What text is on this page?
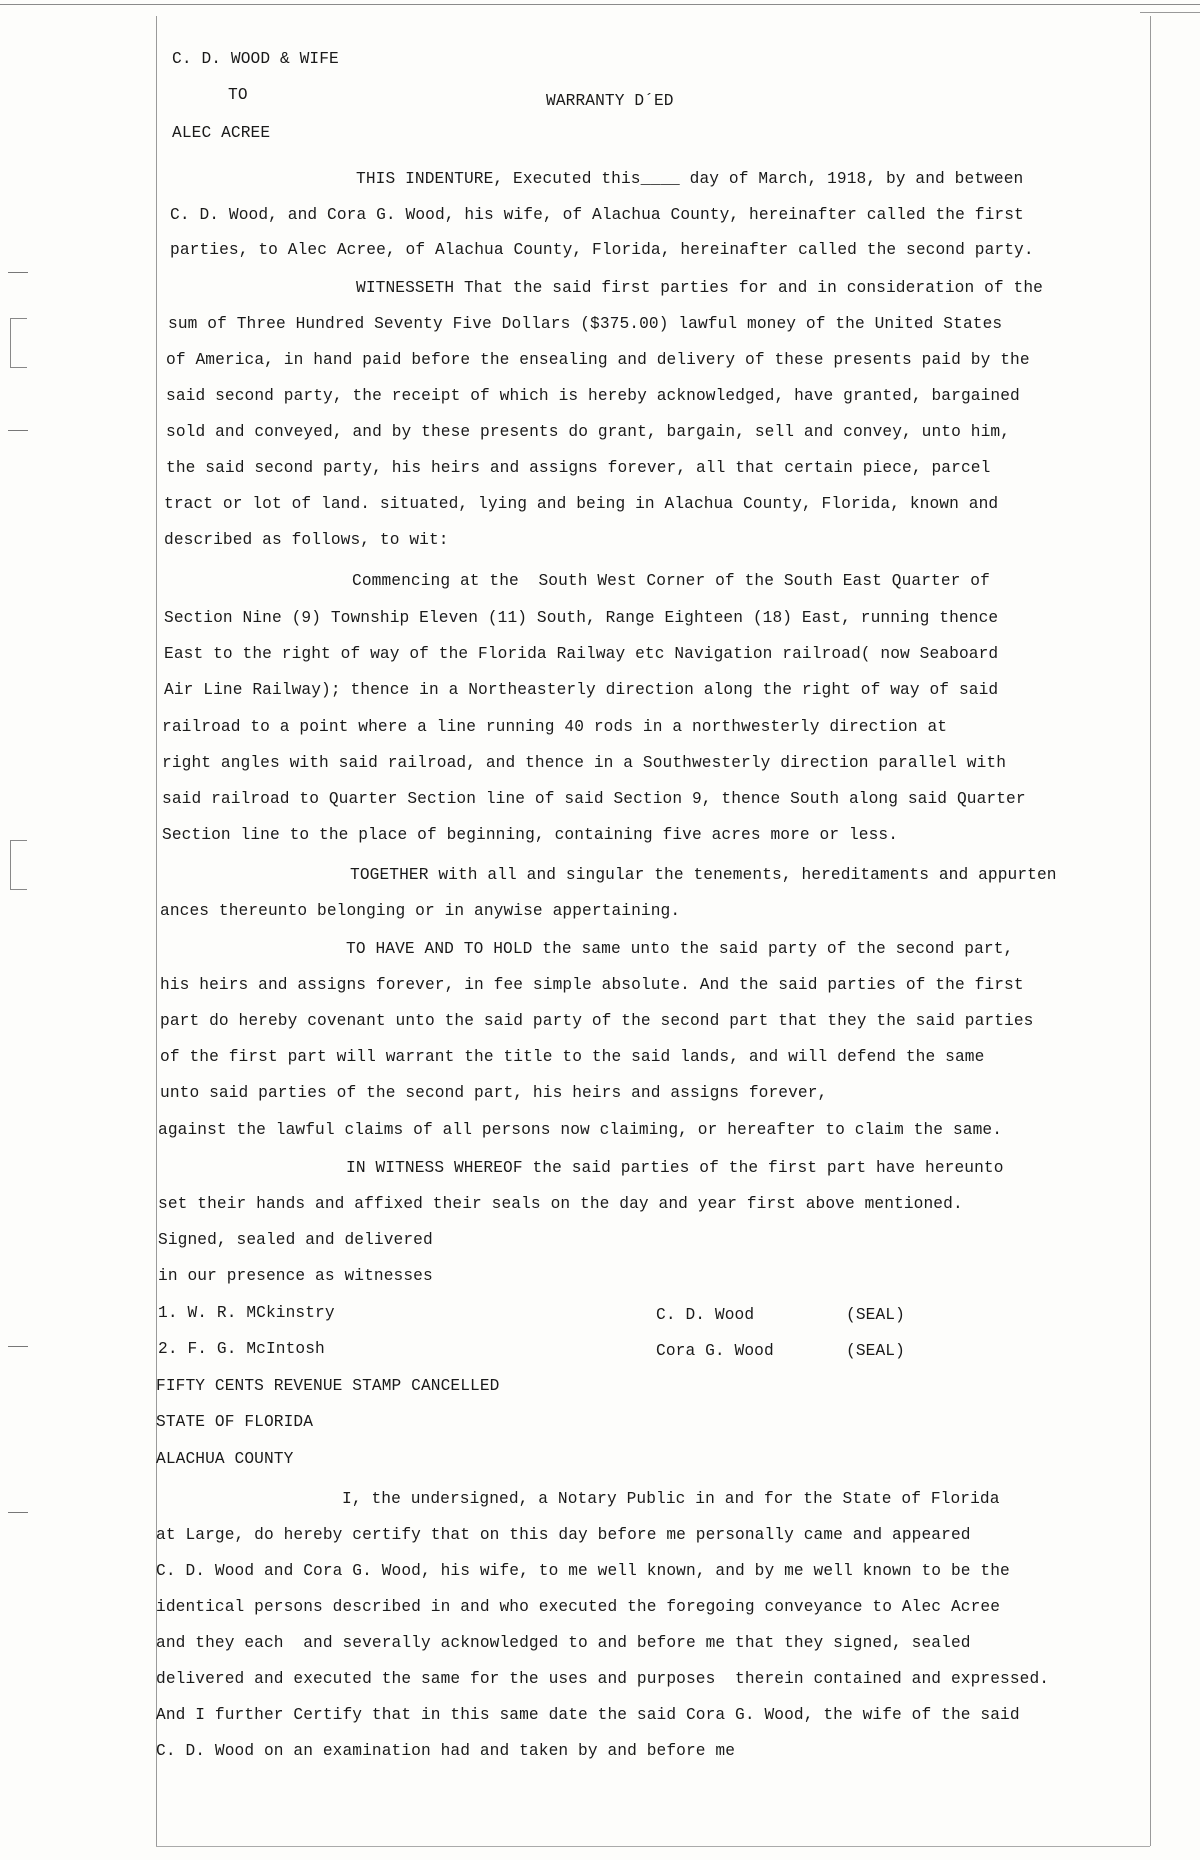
C. D. WOOD & WIFE
TO	WARRANTY D´ED
ALEC ACREE
THIS INDENTURE, Executed this____ day of March, 1918, by and between
C. D. Wood, and Cora G. Wood, his wife, of Alachua County, hereinafter called the first
parties, to Alec Acree, of Alachua County, Florida, hereinafter called the second party.
WITNESSETH That the said first parties for and in consideration of the
sum of Three Hundred Seventy Five Dollars ($375.00) lawful money of the United States
of America, in hand paid before the ensealing and delivery of these presents paid by the
said second party, the receipt of which is hereby acknowledged, have granted, bargained
sold and conveyed, and by these presents do grant, bargain, sell and convey, unto him,
the said second party, his heirs and assigns forever, all that certain piece, parcel
tract or lot of land. situated, lying and being in Alachua County, Florida, known and
described as follows, to wit:
Commencing at the  South West Corner of the South East Quarter of
Section Nine (9) Township Eleven (11) South, Range Eighteen (18) East, running thence
East to the right of way of the Florida Railway etc Navigation railroad( now Seaboard
Air Line Railway); thence in a Northeasterly direction along the right of way of said
railroad to a point where a line running 40 rods in a northwesterly direction at
right angles with said railroad, and thence in a Southwesterly direction parallel with
said railroad to Quarter Section line of said Section 9, thence South along said Quarter
Section line to the place of beginning, containing five acres more or less.
TOGETHER with all and singular the tenements, hereditaments and appurten
ances thereunto belonging or in anywise appertaining.
TO HAVE AND TO HOLD the same unto the said party of the second part,
his heirs and assigns forever, in fee simple absolute. And the said parties of the first
part do hereby covenant unto the said party of the second part that they the said parties
of the first part will warrant the title to the said lands, and will defend the same
unto said parties of the second part, his heirs and assigns forever,
against the lawful claims of all persons now claiming, or hereafter to claim the same.
IN WITNESS WHEREOF the said parties of the first part have hereunto
set their hands and affixed their seals on the day and year first above mentioned.
Signed, sealed and delivered
in our presence as witnesses
1. W. R. MCkinstry
2. F. G. McIntosh
C. D. Wood	(SEAL)
Cora G. Wood	(SEAL)
FIFTY CENTS REVENUE STAMP CANCELLED
STATE OF FLORIDA
ALACHUA COUNTY
I, the undersigned, a Notary Public in and for the State of Florida
at Large, do hereby certify that on this day before me personally came and appeared
C. D. Wood and Cora G. Wood, his wife, to me well known, and by me well known to be the
identical persons described in and who executed the foregoing conveyance to Alec Acree
and they each  and severally acknowledged to and before me that they signed, sealed
delivered and executed the same for the uses and purposes  therein contained and expressed.
And I further Certify that in this same date the said Cora G. Wood, the wife of the said
C. D. Wood on an examination had and taken by and before me
